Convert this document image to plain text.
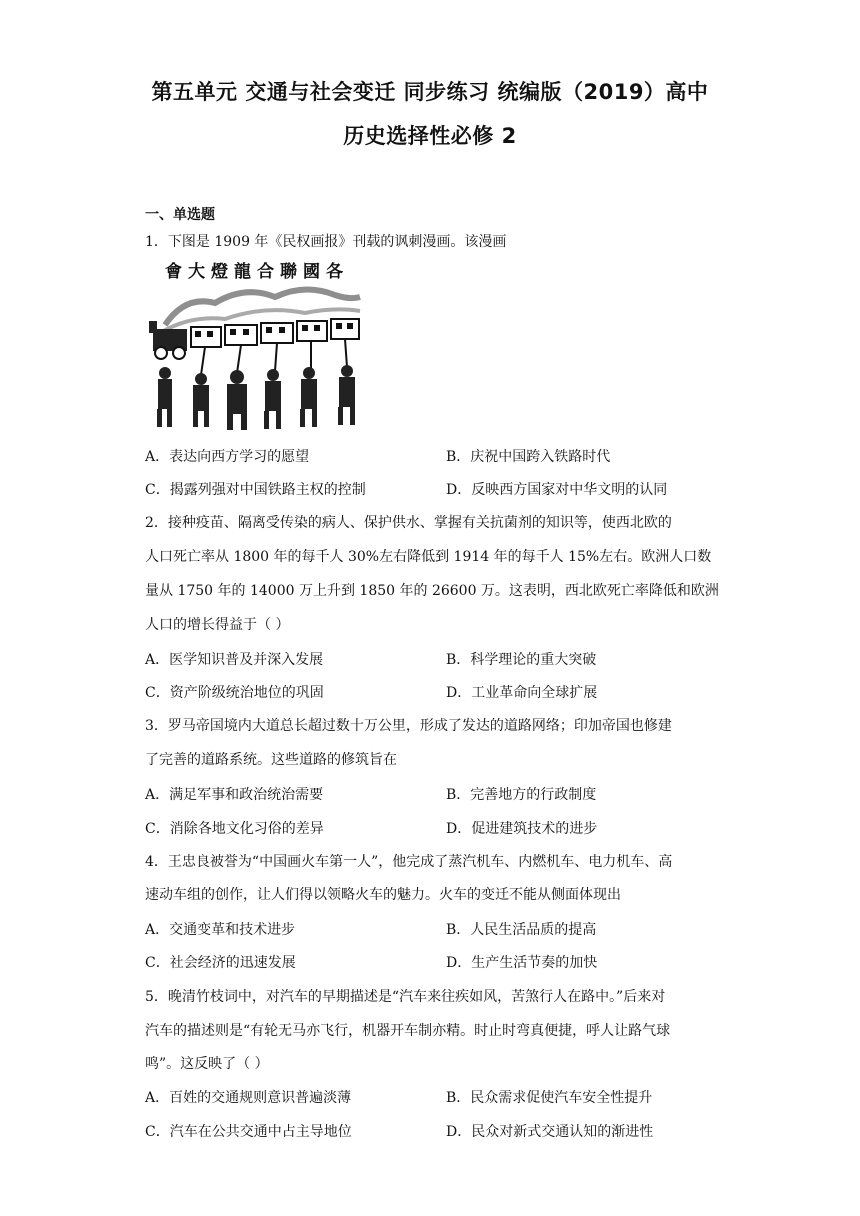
第五单元 交通与社会变迁 同步练习 统编版（2019）高中
历史选择性必修 2
一、单选题
1．下图是 1909 年《民权画报》刊载的讽刺漫画。该漫画
會大燈龍合聯國各
A．表达向西方学习的愿望	B．庆祝中国跨入铁路时代
C．揭露列强对中国铁路主权的控制	D．反映西方国家对中华文明的认同
2．接种疫苗、隔离受传染的病人、保护供水、掌握有关抗菌剂的知识等，使西北欧的
人口死亡率从 1800 年的每千人 30%左右降低到 1914 年的每千人 15%左右。欧洲人口数
量从 1750 年的 14000 万上升到 1850 年的 26600 万。这表明，西北欧死亡率降低和欧洲
人口的增长得益于（ ）
A．医学知识普及并深入发展	B．科学理论的重大突破
C．资产阶级统治地位的巩固	D．工业革命向全球扩展
3．罗马帝国境内大道总长超过数十万公里，形成了发达的道路网络；印加帝国也修建
了完善的道路系统。这些道路的修筑旨在
A．满足军事和政治统治需要	B．完善地方的行政制度
C．消除各地文化习俗的差异	D．促进建筑技术的进步
4．王忠良被誉为“中国画火车第一人”，他完成了蒸汽机车、内燃机车、电力机车、高
速动车组的创作，让人们得以领略火车的魅力。火车的变迁不能从侧面体现出
A．交通变革和技术进步	B．人民生活品质的提高
C．社会经济的迅速发展	D．生产生活节奏的加快
5．晚清竹枝词中，对汽车的早期描述是“汽车来往疾如风，苦煞行人在路中。”后来对
汽车的描述则是“有轮无马亦飞行，机器开车制亦精。时止时弯真便捷，呼人让路气球
鸣”。这反映了（ ）
A．百姓的交通规则意识普遍淡薄	B．民众需求促使汽车安全性提升
C．汽车在公共交通中占主导地位	D．民众对新式交通认知的渐进性
